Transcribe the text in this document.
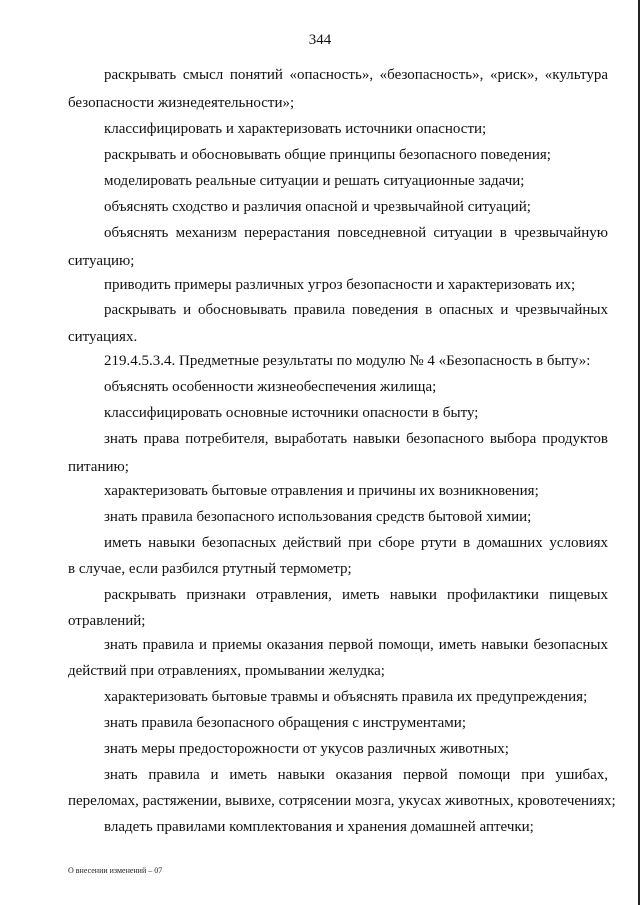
344
раскрывать смысл понятий «опасность», «безопасность», «риск», «культура
безопасности жизнедеятельности»;
классифицировать и характеризовать источники опасности;
раскрывать и обосновывать общие принципы безопасного поведения;
моделировать реальные ситуации и решать ситуационные задачи;
объяснять сходство и различия опасной и чрезвычайной ситуаций;
объяснять механизм перерастания повседневной ситуации в чрезвычайную
ситуацию;
приводить примеры различных угроз безопасности и характеризовать их;
раскрывать и обосновывать правила поведения в опасных и чрезвычайных
ситуациях.
219.4.5.3.4. Предметные результаты по модулю № 4 «Безопасность в быту»:
объяснять особенности жизнеобеспечения жилища;
классифицировать основные источники опасности в быту;
знать права потребителя, выработать навыки безопасного выбора продуктов
питанию;
характеризовать бытовые отравления и причины их возникновения;
знать правила безопасного использования средств бытовой химии;
иметь навыки безопасных действий при сборе ртути в домашних условиях
в случае, если разбился ртутный термометр;
раскрывать признаки отравления, иметь навыки профилактики пищевых
отравлений;
знать правила и приемы оказания первой помощи, иметь навыки безопасных
действий при отравлениях, промывании желудка;
характеризовать бытовые травмы и объяснять правила их предупреждения;
знать правила безопасного обращения с инструментами;
знать меры предосторожности от укусов различных животных;
знать правила и иметь навыки оказания первой помощи при ушибах,
переломах, растяжении, вывихе, сотрясении мозга, укусах животных, кровотечениях;
владеть правилами комплектования и хранения домашней аптечки;
О внесении изменений – 07
